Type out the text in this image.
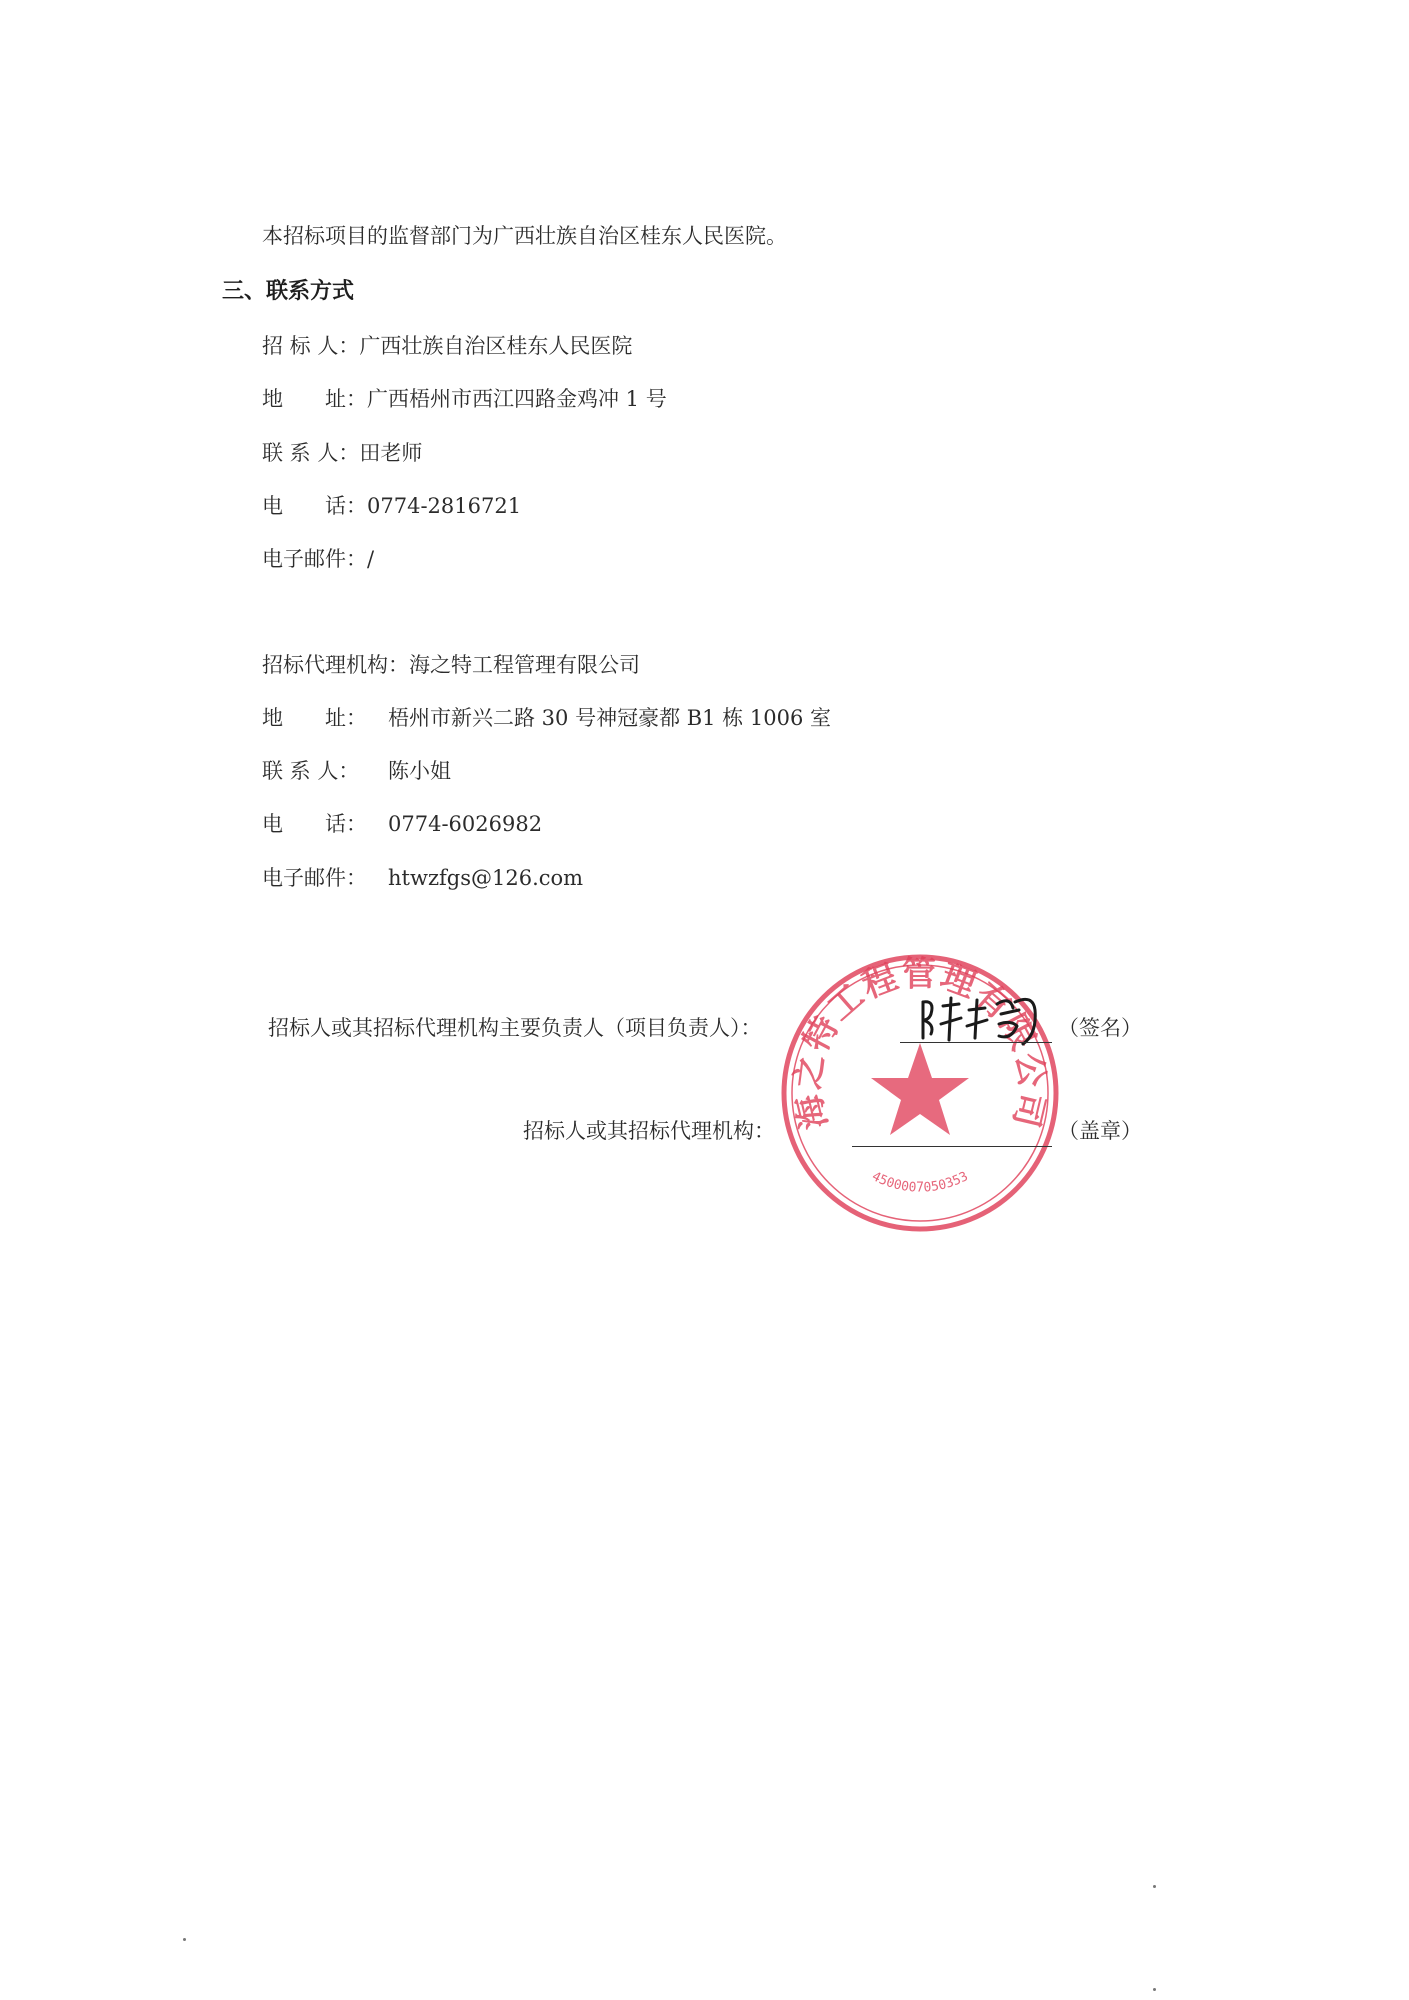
本招标项目的监督部门为广西壮族自治区桂东人民医院。
三、联系方式
招 标 人：广西壮族自治区桂东人民医院
地　　址：广西梧州市西江四路金鸡冲 1 号
联 系 人：田老师
电　　话：0774-2816721
电子邮件：/
招标代理机构：海之特工程管理有限公司
地　　址： 梧州市新兴二路 30 号神冠豪都 B1 栋 1006 室
联 系 人： 陈小姐
电　　话： 0774-6026982
电子邮件： htwzfgs@126.com
海之特工程管理有限公司
4500007050353
招标人或其招标代理机构主要负责人（项目负责人）：	（签名）
招标人或其招标代理机构：	（盖章）
